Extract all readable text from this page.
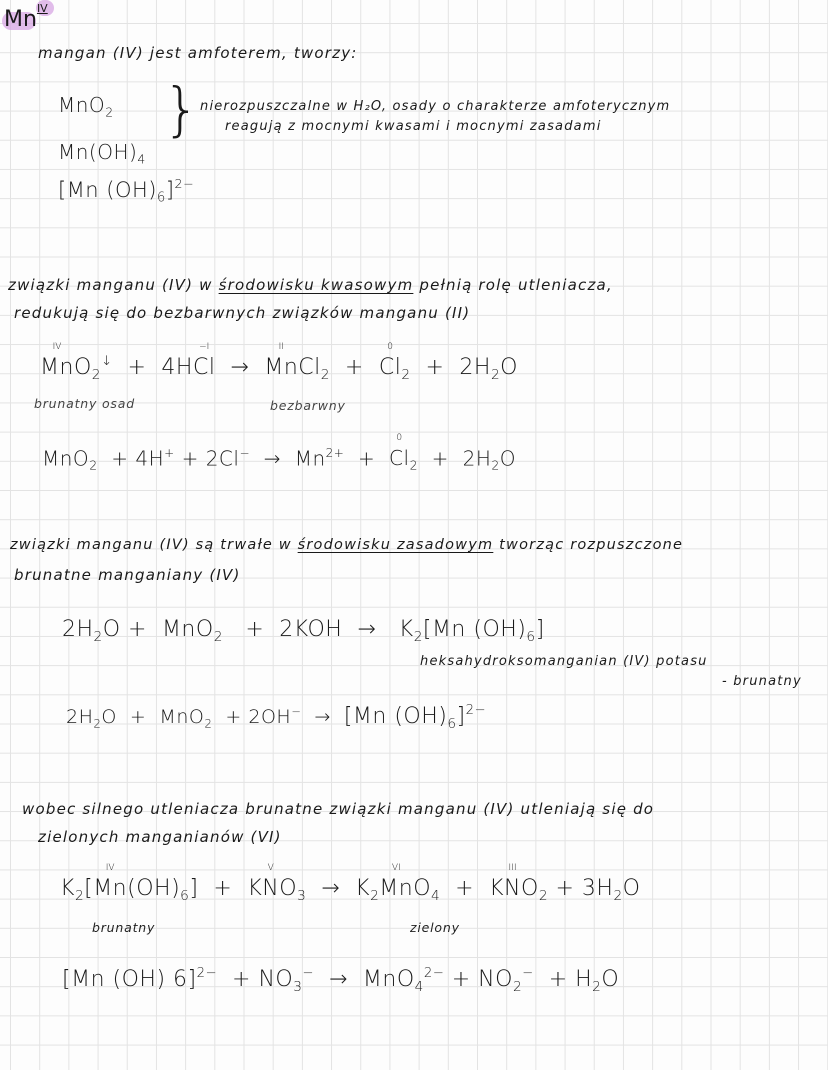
$Mn^{IV}$
mangan (IV) jest amfoterem, tworzy:
MnO$_2$
$Mn(OH)_4$
[Mn $(OH)_6]^{2-}$
} nierozpuszczalne w H₂O, osady o charakterze amfoterycznym
reagują z mocnymi kwasami i mocnymi zasadami
związki manganu (IV) w środowisku kwasowym pełnią rolę utleniacza,
redukują się do bezbarwnych związków manganu (II)
Mn
IV
$O_2^↓ + 4HCl$
−I
→  Mn
II
$Cl_2 + Cl$
0
$_2 + 2H_2O$
brunatny osad	bezbarwny
$MnO_2 + 4H^+ + 2Cl^- \to Mn^{2+} + Cl$
0
$_2 + 2H_2O$
związki manganu (IV) są trwałe w środowisku zasadowym tworząc rozpuszczone
brunatne manganiany (IV)
$2H_2O + MnO_2 + 2KOH \to K_2[Mn$ $(OH)_6$]
heksahydroksomanganian (IV) potasu
- brunatny
$2H_2O + MnO_2 + 2OH^- \to [Mn$ $(OH)_6]^{2-}$
wobec silnego utleniacza brunatne związki manganu (IV) utleniają się do
zielonych manganianów (VI)
$K_2[Mn$
IV
$(OH)_6$]  +  KN
V
$O_3 \to K_2Mn$
VI
$O_4$  +  KN
III
$O_2 + 3H_2O$
brunatny	zielony
[Mn (OH) $6]^{2-} + NO_3^- \to MnO_4^{2-} + NO_2^- + H_2O$
